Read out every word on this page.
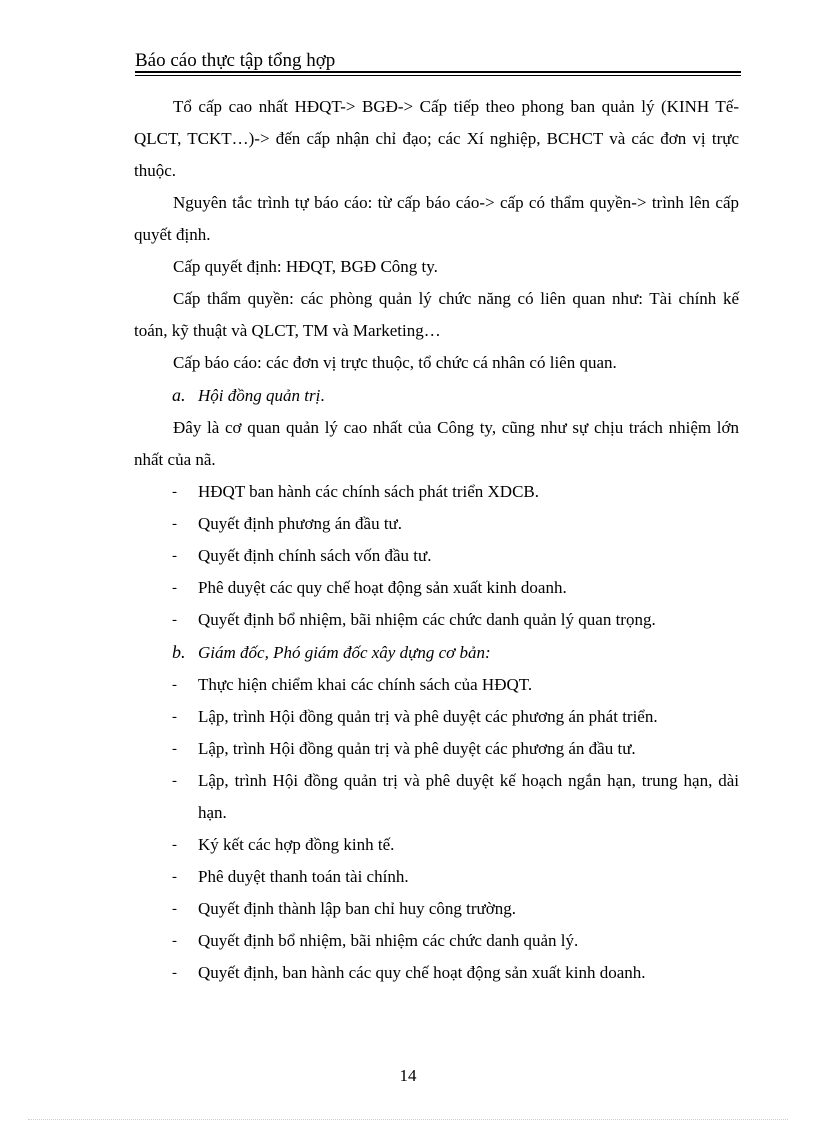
Báo cáo thực tập tổng hợp

Tổ cấp cao nhất HĐQT-> BGĐ-> Cấp tiếp theo phong ban quản lý (KINH Tế-QLCT, TCKT…)-> đến cấp nhận chỉ đạo; các Xí nghiệp, BCHCT và các đơn vị trực thuộc.

Nguyên tắc trình tự báo cáo: từ cấp báo cáo-> cấp có thẩm quyền-> trình lên cấp quyết định.

Cấp quyết định: HĐQT, BGĐ Công ty.

Cấp thẩm quyền: các phòng quản lý chức năng có liên quan như: Tài chính kế toán, kỹ thuật và QLCT, TM và Marketing…

Cấp báo cáo: các đơn vị trực thuộc, tổ chức cá nhân có liên quan.

a. Hội đồng quản trị.

Đây là cơ quan quản lý cao nhất của Công ty, cũng như sự chịu trách nhiệm lớn nhất của nã.

-	HĐQT ban hành các chính sách phát triển XDCB.
-	Quyết định phương án đầu tư.
-	Quyết định chính sách vốn đầu tư.
-	Phê duyệt các quy chế hoạt động sản xuất kinh doanh.
-	Quyết định bổ nhiệm, bãi nhiệm các chức danh quản lý quan trọng.

b. Giám đốc, Phó giám đốc xây dựng cơ bản:

-	Thực hiện chiểm khai các chính sách của HĐQT.
-	Lập, trình Hội đồng quản trị và phê duyệt các phương án phát triển.
-	Lập, trình Hội đồng quản trị và phê duyệt các phương án đầu tư.
-	Lập, trình Hội đồng quản trị và phê duyệt kế hoạch ngắn hạn, trung hạn, dài hạn.
-	Ký kết các hợp đồng kinh tế.
-	Phê duyệt thanh toán tài chính.
-	Quyết định thành lập ban chỉ huy công trường.
-	Quyết định bổ nhiệm, bãi nhiệm các chức danh quản lý.
-	Quyết định, ban hành các quy chế hoạt động sản xuất kinh doanh.
14
